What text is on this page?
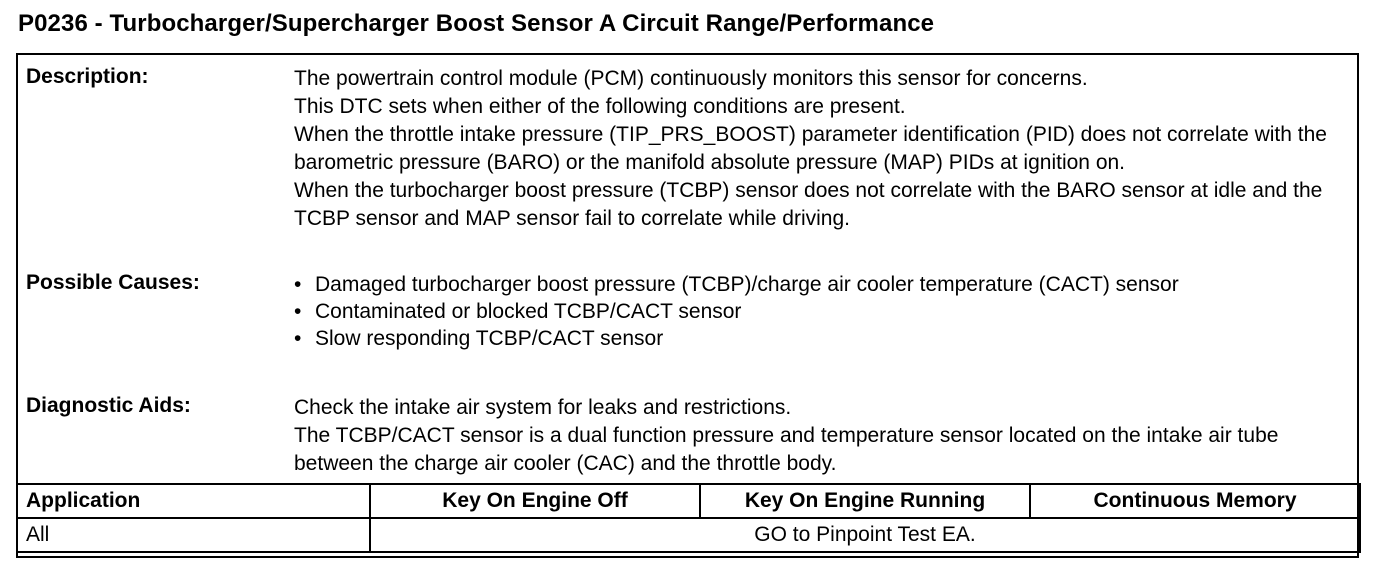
P0236 - Turbocharger/Supercharger Boost Sensor A Circuit Range/Performance
Description:	The powertrain control module (PCM) continuously monitors this sensor for concerns.

This DTC sets when either of the following conditions are present.

When the throttle intake pressure (TIP_PRS_BOOST) parameter identification (PID) does not correlate with the barometric pressure (BARO) or the manifold absolute pressure (MAP) PIDs at ignition on.

When the turbocharger boost pressure (TCBP) sensor does not correlate with the BARO sensor at idle and the TCBP sensor and MAP sensor fail to correlate while driving.

Possible Causes:	• Damaged turbocharger boost pressure (TCBP)/charge air cooler temperature (CACT) sensor
• Contaminated or blocked TCBP/CACT sensor
• Slow responding TCBP/CACT sensor
Diagnostic Aids:	Check the intake air system for leaks and restrictions.

The TCBP/CACT sensor is a dual function pressure and temperature sensor located on the intake air tube between the charge air cooler (CAC) and the throttle body.

Application	Key On Engine Off	Key On Engine Running	Continuous Memory
All	GO to Pinpoint Test EA.		
